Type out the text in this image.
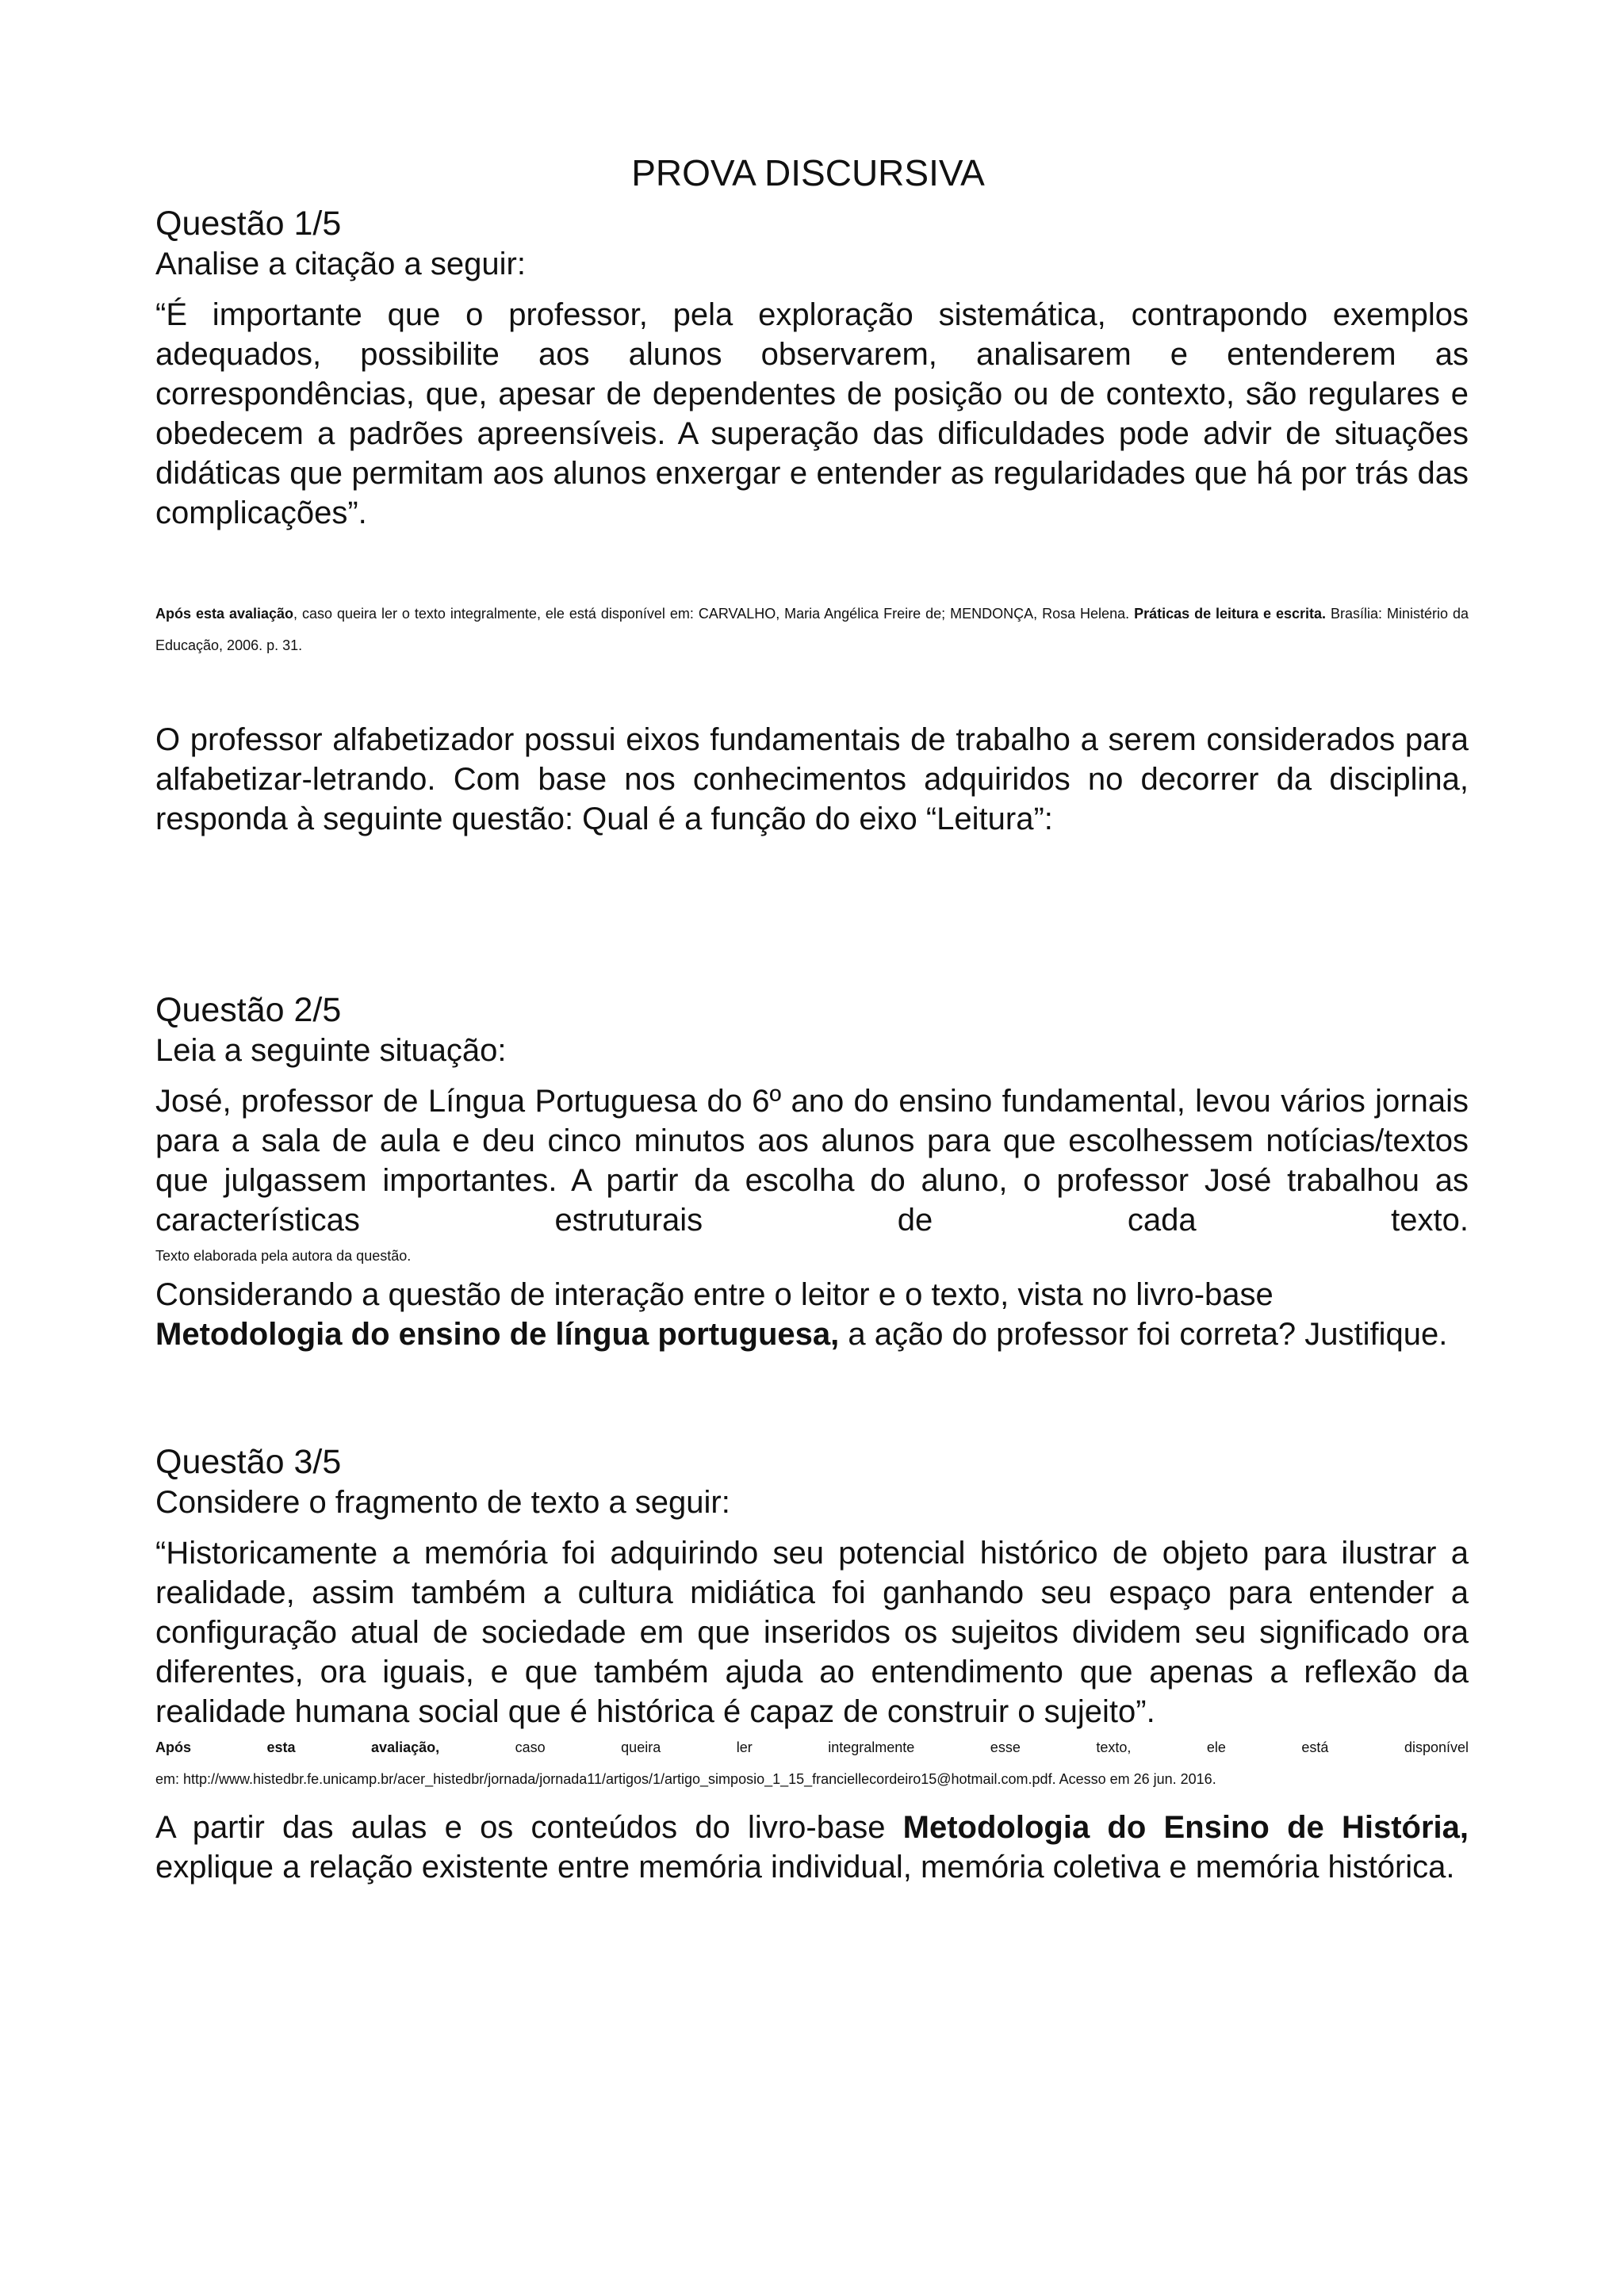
PROVA DISCURSIVA
Questão 1/5

Analise a citação a seguir:

“É importante que o professor, pela exploração sistemática, contrapondo exemplos adequados, possibilite aos alunos observarem, analisarem e entenderem as correspondências, que, apesar de dependentes de posição ou de contexto, são regulares e obedecem a padrões apreensíveis. A superação das dificuldades pode advir de situações didáticas que permitam aos alunos enxergar e entender as regularidades que há por trás das complicações”.

Após esta avaliação, caso queira ler o texto integralmente, ele está disponível em: CARVALHO, Maria Angélica Freire de; MENDONÇA, Rosa Helena. Práticas de leitura e escrita. Brasília: Ministério da Educação, 2006. p. 31.

O professor alfabetizador possui eixos fundamentais de trabalho a serem considerados para alfabetizar-letrando. Com base nos conhecimentos adquiridos no decorrer da disciplina, responda à seguinte questão: Qual é a função do eixo “Leitura”:

Questão 2/5

Leia a seguinte situação:

José, professor de Língua Portuguesa do 6º ano do ensino fundamental, levou vários jornais para a sala de aula e deu cinco minutos aos alunos para que escolhessem notícias/textos que julgassem importantes. A partir da escolha do aluno, o professor José trabalhou as características estruturais de cada texto.

Texto elaborada pela autora da questão.

Considerando a questão de interação entre o leitor e o texto, vista no livro-base Metodologia do ensino de língua portuguesa, a ação do professor foi correta? Justifique.

Questão 3/5

Considere o fragmento de texto a seguir:

“Historicamente a memória foi adquirindo seu potencial histórico de objeto para ilustrar a realidade, assim também a cultura midiática foi ganhando seu espaço para entender a configuração atual de sociedade em que inseridos os sujeitos dividem seu significado ora diferentes, ora iguais, e que também ajuda ao entendimento que apenas a reflexão da realidade humana social que é histórica é capaz de construir o sujeito”.

Após esta avaliação, caso queira ler integralmente esse texto, ele está disponível

em: http://www.histedbr.fe.unicamp.br/acer_histedbr/jornada/jornada11/artigos/1/artigo_simposio_1_15_franciellecordeiro15@hotmail.com.pdf. Acesso em 26 jun. 2016.

A partir das aulas e os conteúdos do livro-base Metodologia do Ensino de História, explique a relação existente entre memória individual, memória coletiva e memória histórica.
